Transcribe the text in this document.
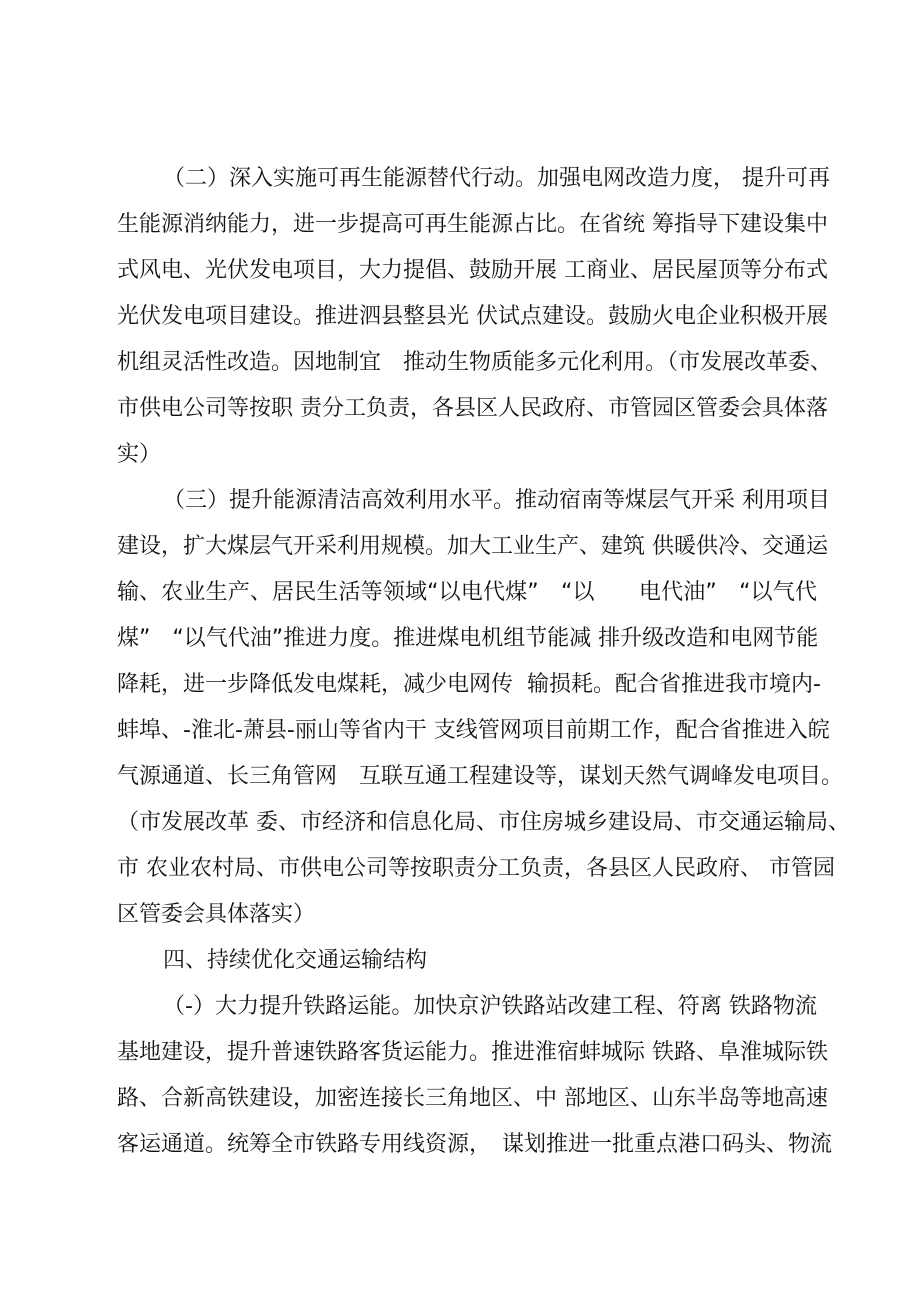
（二）深入实施可再生能源替代行动。加强电网改造力度， 提升可再

生能源消纳能力，进一步提高可再生能源占比。在省统 筹指导下建设集中

式风电、光伏发电项目，大力提倡、鼓励开展 工商业、居民屋顶等分布式

光伏发电项目建设。推进泗县整县光 伏试点建设。鼓励火电企业积极开展

机组灵活性改造。因地制宜　推动生物质能多元化利用。（市发展改革委、

市供电公司等按职 责分工负责，各县区人民政府、市管园区管委会具体落

实）

（三）提升能源清洁高效利用水平。推动宿南等煤层气开采 利用项目

建设，扩大煤层气开采利用规模。加大工业生产、建筑 供暖供冷、交通运

输、农业生产、居民生活等领域“以电代煤”　“以　　电代油”　“以气代

煤”　“以气代油”推进力度。推进煤电机组节能减 排升级改造和电网节能

降耗，进一步降低发电煤耗，减少电网传  输损耗。配合省推进我市境内-

蚌埠、-淮北-萧县-丽山等省内干 支线管网项目前期工作，配合省推进入皖

气源通道、长三角管网　互联互通工程建设等，谋划天然气调峰发电项目。

（市发展改革 委、市经济和信息化局、市住房城乡建设局、市交通运输局、

市 农业农村局、市供电公司等按职责分工负责，各县区人民政府、 市管园

区管委会具体落实）

四、持续优化交通运输结构

（-）大力提升铁路运能。加快京沪铁路站改建工程、符离 铁路物流

基地建设，提升普速铁路客货运能力。推进淮宿蚌城际 铁路、阜淮城际铁

路、合新高铁建设，加密连接长三角地区、中 部地区、山东半岛等地高速

客运通道。统筹全市铁路专用线资源，　谋划推进一批重点港口码头、物流
